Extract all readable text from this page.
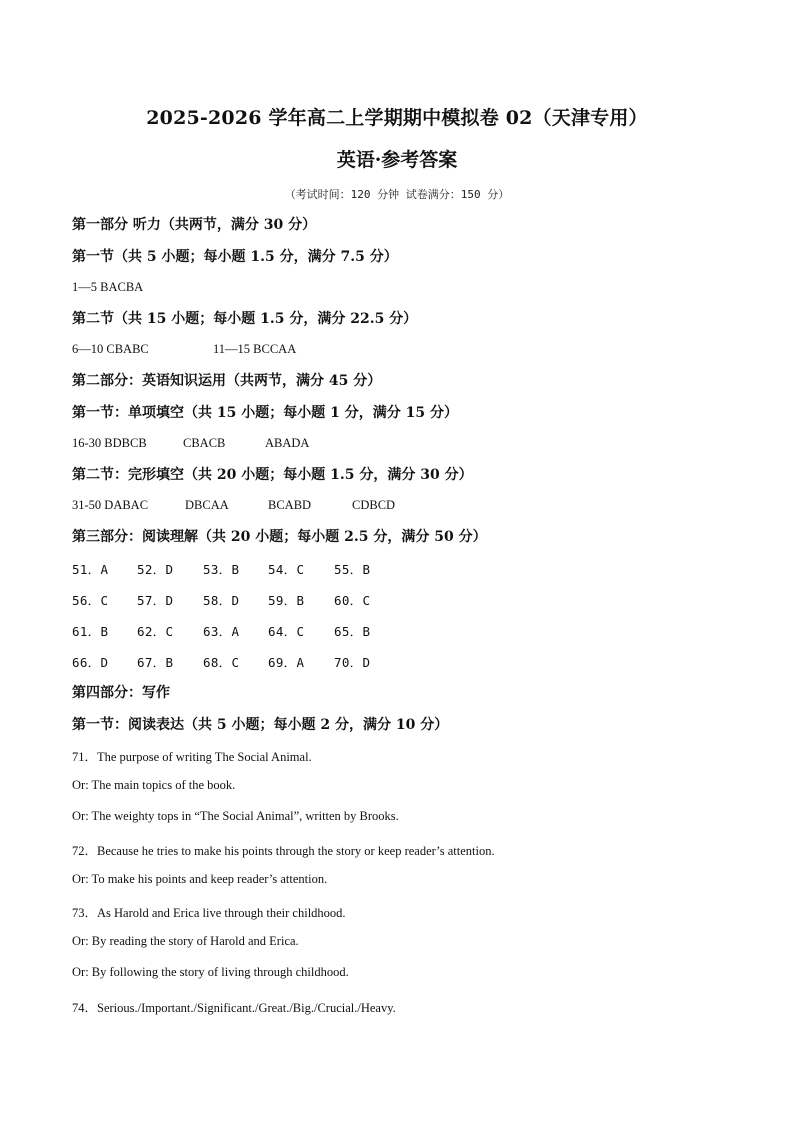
2025-2026 学年高二上学期期中模拟卷 02（天津专用）
英语·参考答案
（考试时间：120 分钟 试卷满分：150 分）
第一部分 听力（共两节，满分 30 分）
第一节（共 5 小题；每小题 1.5 分，满分 7.5 分）
1—5 BACBA
第二节（共 15 小题；每小题 1.5 分，满分 22.5 分）
6—10 CBABC	11—15 BCCAA
第二部分：英语知识运用（共两节，满分 45 分）
第一节：单项填空（共 15 小题；每小题 1 分，满分 15 分）
16-30 BDBCB	CBACB	ABADA
第二节：完形填空（共 20 小题；每小题 1.5 分，满分 30 分）
31-50 DABAC	DBCAA	BCABD	CDBCD
第三部分：阅读理解（共 20 小题；每小题 2.5 分，满分 50 分）
51．A 52．D 53．B 54．C 55．B
56．C 57．D 58．D 59．B 60．C
61．B 62．C 63．A 64．C 65．B
66．D 67．B 68．C 69．A 70．D
第四部分：写作
第一节：阅读表达（共 5 小题；每小题 2 分，满分 10 分）
71．The purpose of writing The Social Animal.
Or: The main topics of the book.
Or: The weighty tops in “The Social Animal”, written by Brooks.
72．Because he tries to make his points through the story or keep reader’s attention.
Or: To make his points and keep reader’s attention.
73．As Harold and Erica live through their childhood.
Or: By reading the story of Harold and Erica.
Or: By following the story of living through childhood.
74．Serious./Important./Significant./Great./Big./Crucial./Heavy.
